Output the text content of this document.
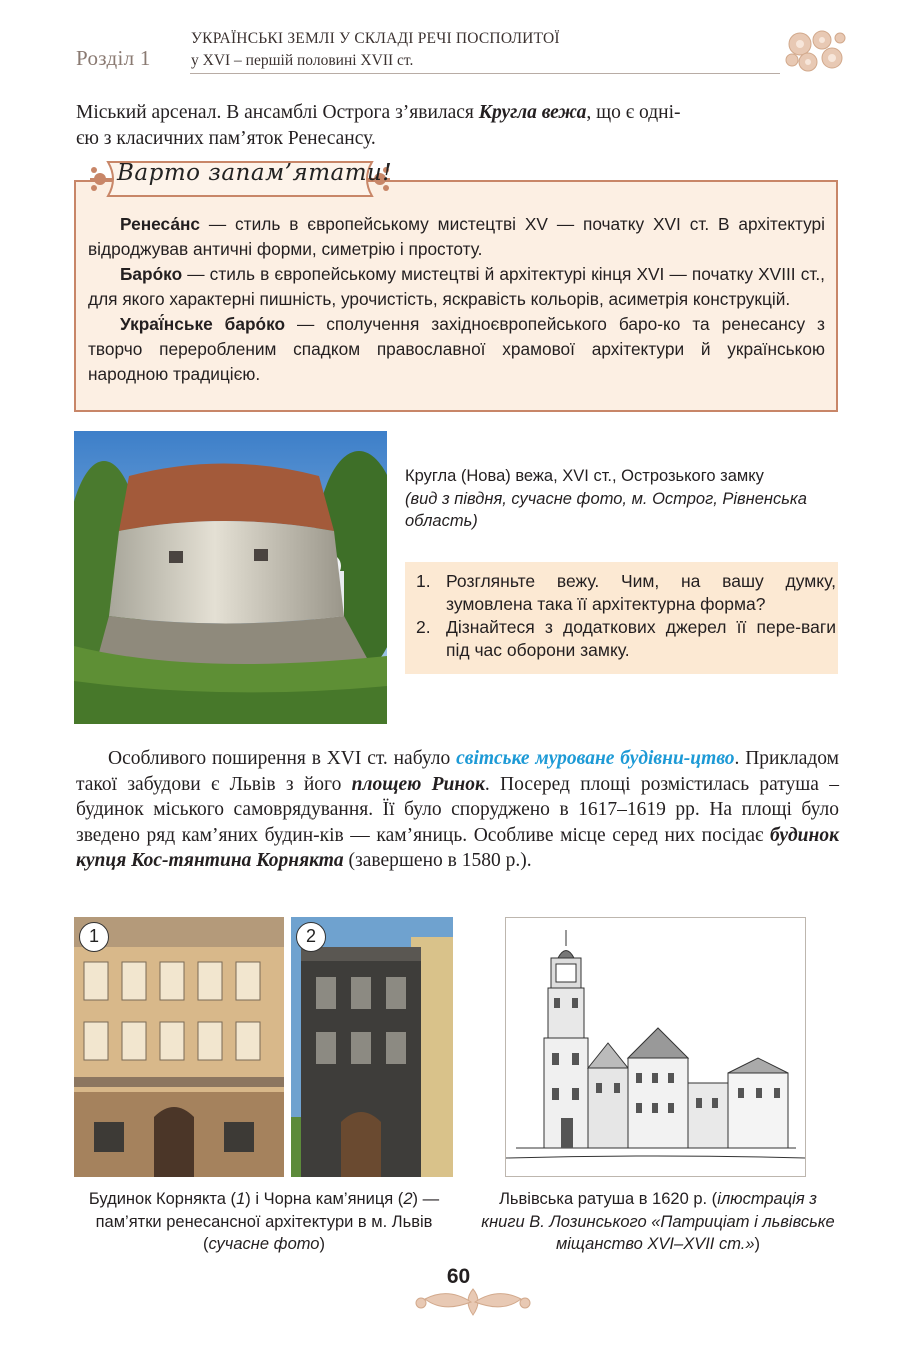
Розділ 1
УКРАЇНСЬКІ ЗЕМЛІ У СКЛАДІ РЕЧІ ПОСПОЛИТОЇ
у XVI – першій половині XVII ст.
Міський арсенал. В ансамблі Острога з’явилася Кругла вежа, що є одні-
єю з класичних пам’яток Ренесансу.
Варто запам’ятати!

Ренеса́нс — стиль в європейському мистецтві XV — початку XVI ст. В архітектурі відроджував античні форми, симетрію і простоту.

Баро́ко — стиль в європейському мистецтві й архітектурі кінця XVI — початку XVIII ст., для якого характерні пишність, урочистість, яскравість кольорів, асиметрія конструкцій.

Украї́нське баро́ко — сполучення західноєвропейського баро-ко та ренесансу з творчо переробленим спадком православної храмової архітектури й українською народною традицією.

Кругла (Нова) вежа, XVI ст., Острозького замку
(вид з півдня, сучасне фото, м. Острог, Рівненська область)
1. Розгляньте вежу. Чим, на вашу думку, зумовлена така її архітектурна форма?
2. Дізнайтеся з додаткових джерел її пере-ваги під час оборони замку.
Особливого поширення в XVI ст. набуло світське муроване будівни-цтво. Прикладом такої забудови є Львів з його площею Ринок. Посеред площі розмістилась ратуша – будинок міського самоврядування. Її було споруджено в 1617–1619 рр. На площі було зведено ряд кам’яних будин-ків — кам’яниць. Особливе місце серед них посідає будинок купця Кос-тянтина Корнякта (завершено в 1580 р.).
1	2
Будинок Корнякта (1) і Чорна кам’яниця (2) — пам’ятки ренесансної архітектури в м. Львів (сучасне фото)
Львівська ратуша в 1620 р. (ілюстрація з книги В. Лозинського «Патриціат і львівське міщанство XVI–XVII ст.»)
60
